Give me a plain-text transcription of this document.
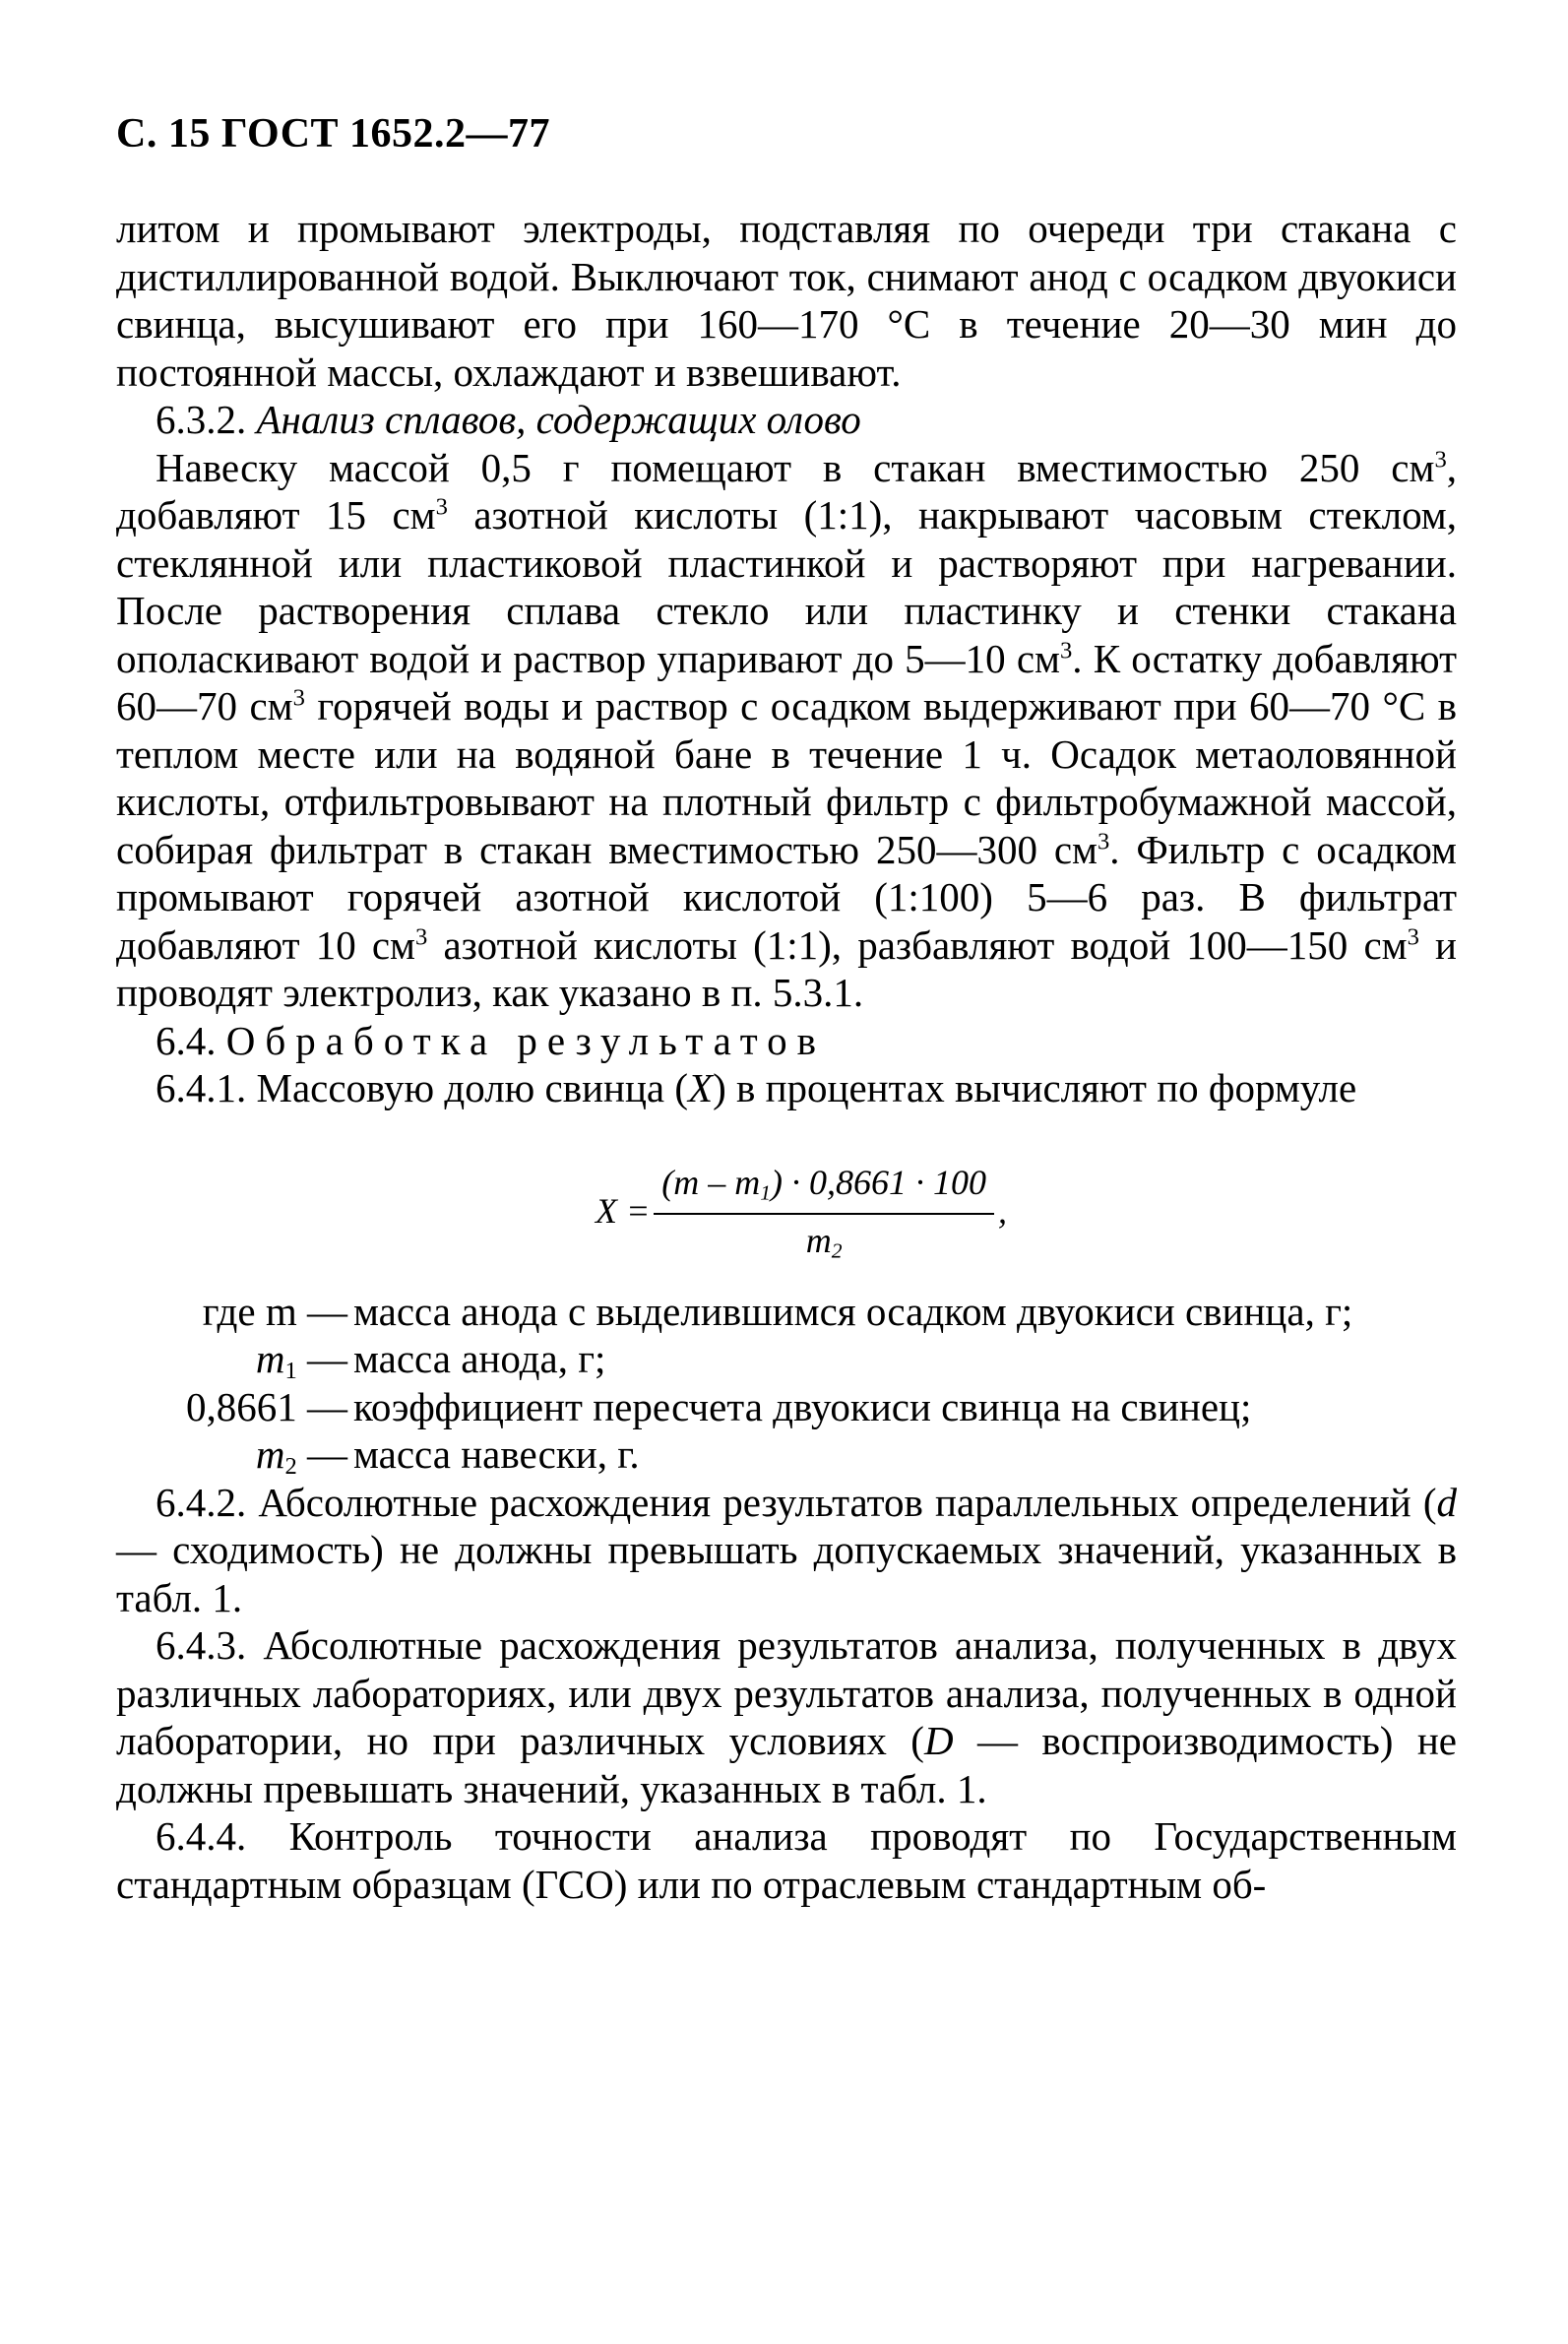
С. 15 ГОСТ 1652.2—77

литом и промывают электроды, подставляя по очереди три стакана с дистиллированной водой. Выключают ток, снимают анод с осадком двуокиси свинца, высушивают его при 160—170 °С в течение 20—30 мин до постоянной массы, охлаждают и взвешивают.

6.3.2. Анализ сплавов, содержащих олово

Навеску массой 0,5 г помещают в стакан вместимостью 250 $см^3$, добавляют 15 $см^3$ азотной кислоты (1:1), накрывают часовым стеклом, стеклянной или пластиковой пластинкой и растворяют при нагревании. После растворения сплава стекло или пластинку и стенки стакана ополаскивают водой и раствор упаривают до 5—10 $см^3$. К остатку добавляют 60—70 $см^3$ горячей воды и раствор с осадком выдерживают при 60—70 °С в теплом месте или на водяной бане в течение 1 ч. Осадок метаоловянной кислоты, отфильтровывают на плотный фильтр с фильтробумажной массой, собирая фильтрат в стакан вместимостью 250—300 $см^3$. Фильтр с осадком промывают горячей азотной кислотой (1:100) 5—6 раз. В фильтрат добавляют 10 $см^3$ азотной кислоты (1:1), разбавляют водой 100—150 $см^3$ и проводят электролиз, как указано в п. 5.3.1.

6.4. Обработка результатов

6.4.1. Массовую долю свинца (X) в процентах вычисляют по формуле

$X = \frac{(m - m_1) \cdot 0,8661 \cdot 100}{m_2}$ ,
где m — масса анода с выделившимся осадком двуокиси свинца, г;
$m_1$ — масса анода, г;
0,8661 — коэффициент пересчета двуокиси свинца на свинец;
$m_2$ — масса навески, г.

6.4.2. Абсолютные расхождения результатов параллельных определений (d — сходимость) не должны превышать допускаемых значений, указанных в табл. 1.

6.4.3. Абсолютные расхождения результатов анализа, полученных в двух различных лабораториях, или двух результатов анализа, полученных в одной лаборатории, но при различных условиях (D — воспроизводимость) не должны превышать значений, указанных в табл. 1.

6.4.4. Контроль точности анализа проводят по Государственным стандартным образцам (ГСО) или по отраслевым стандартным об-
